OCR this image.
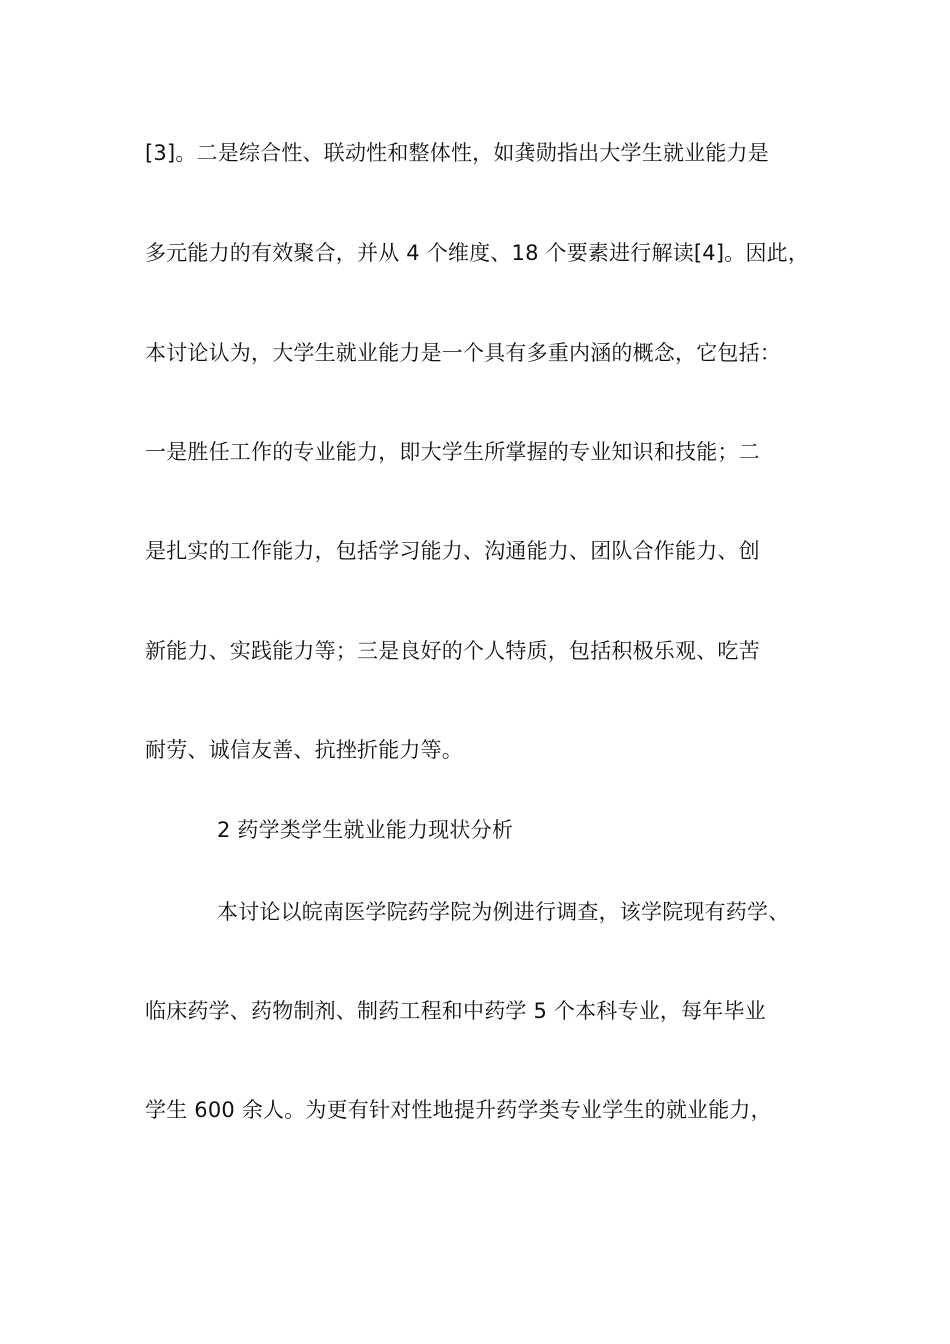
[3]。二是综合性、联动性和整体性，如龚勋指出大学生就业能力是
多元能力的有效聚合，并从 4 个维度、18 个要素进行解读[4]。因此，
本讨论认为，大学生就业能力是一个具有多重内涵的概念，它包括：
一是胜任工作的专业能力，即大学生所掌握的专业知识和技能；二
是扎实的工作能力，包括学习能力、沟通能力、团队合作能力、创
新能力、实践能力等；三是良好的个人特质，包括积极乐观、吃苦
耐劳、诚信友善、抗挫折能力等。
2 药学类学生就业能力现状分析
本讨论以皖南医学院药学院为例进行调查，该学院现有药学、
临床药学、药物制剂、制药工程和中药学 5 个本科专业，每年毕业
学生 600 余人。为更有针对性地提升药学类专业学生的就业能力，
